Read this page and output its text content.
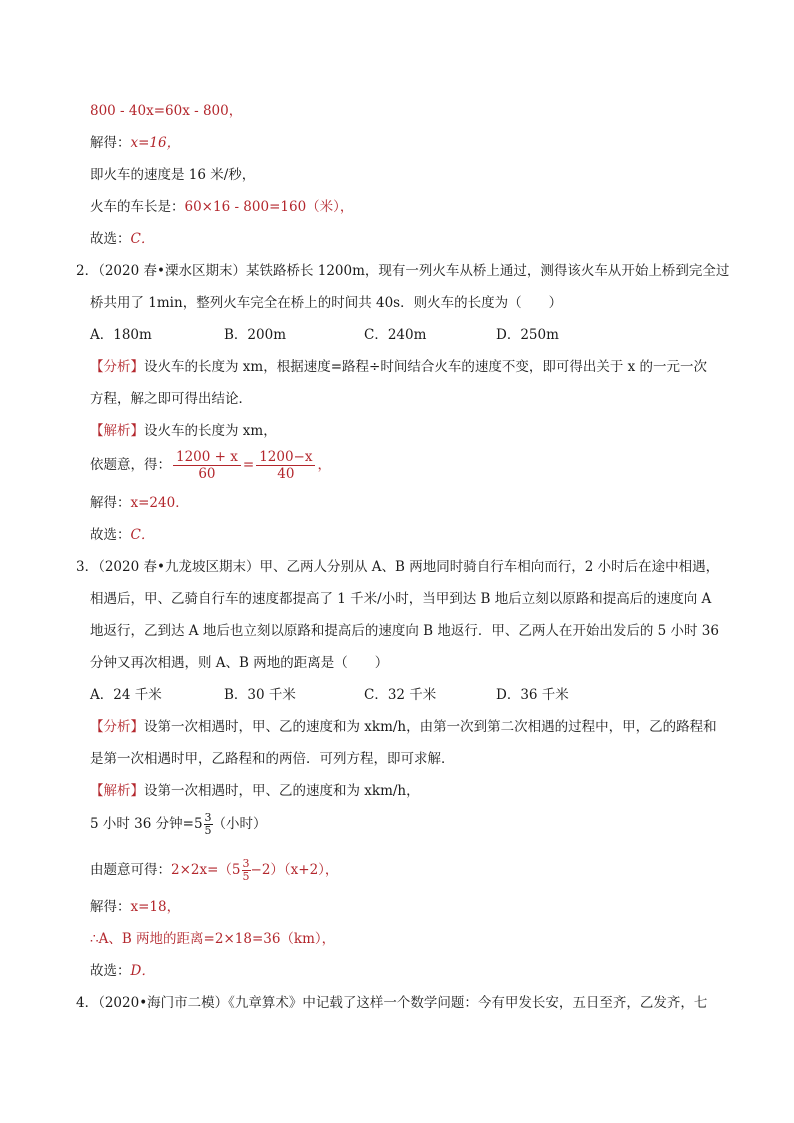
800 - 40x=60x - 800，
解得：x=16，
即火车的速度是 16 米/秒，
火车的车长是：60×16 - 800=160（米），
故选：C．
2．（2020 春•溧水区期末）某铁路桥长 1200m，现有一列火车从桥上通过，测得该火车从开始上桥到完全过
桥共用了 1min，整列火车完全在桥上的时间共 40s．则火车的长度为（　　）
A．180m	B．200m	C．240m	D．250m
【分析】设火车的长度为 xm，根据速度=路程÷时间结合火车的速度不变，即可得出关于 x 的一元一次
方程，解之即可得出结论．
【解析】设火车的长度为 xm，
依题意，得： $\frac{1200 + x}{60} = \frac{1200-x}{40}$ ，
解得：x=240．
故选：C．
3．（2020 春•九龙坡区期末）甲、乙两人分别从 A、B 两地同时骑自行车相向而行，2 小时后在途中相遇，
相遇后，甲、乙骑自行车的速度都提高了 1 千米/小时，当甲到达 B 地后立刻以原路和提高后的速度向 A
地返行，乙到达 A 地后也立刻以原路和提高后的速度向 B 地返行．甲、乙两人在开始出发后的 5 小时 36
分钟又再次相遇，则 A、B 两地的距离是（　　）
A．24 千米	B．30 千米	C．32 千米	D．36 千米
【分析】设第一次相遇时，甲、乙的速度和为 xkm/h，由第一次到第二次相遇的过程中，甲，乙的路程和
是第一次相遇时甲，乙路程和的两倍．可列方程，即可求解．
【解析】设第一次相遇时，甲、乙的速度和为 xkm/h，
5 小时 36 分钟$=5 \frac{3}{5}$ （小时）
由题意可得：$2\times 2x=(5 \frac{3}{5} -2)(x+2)$，
解得：x=18，
∴A、B 两地的距离=2×18=36（km），
故选：D．
4．（2020•海门市二模）《九章算术》中记载了这样一个数学问题：今有甲发长安，五日至齐，乙发齐，七
